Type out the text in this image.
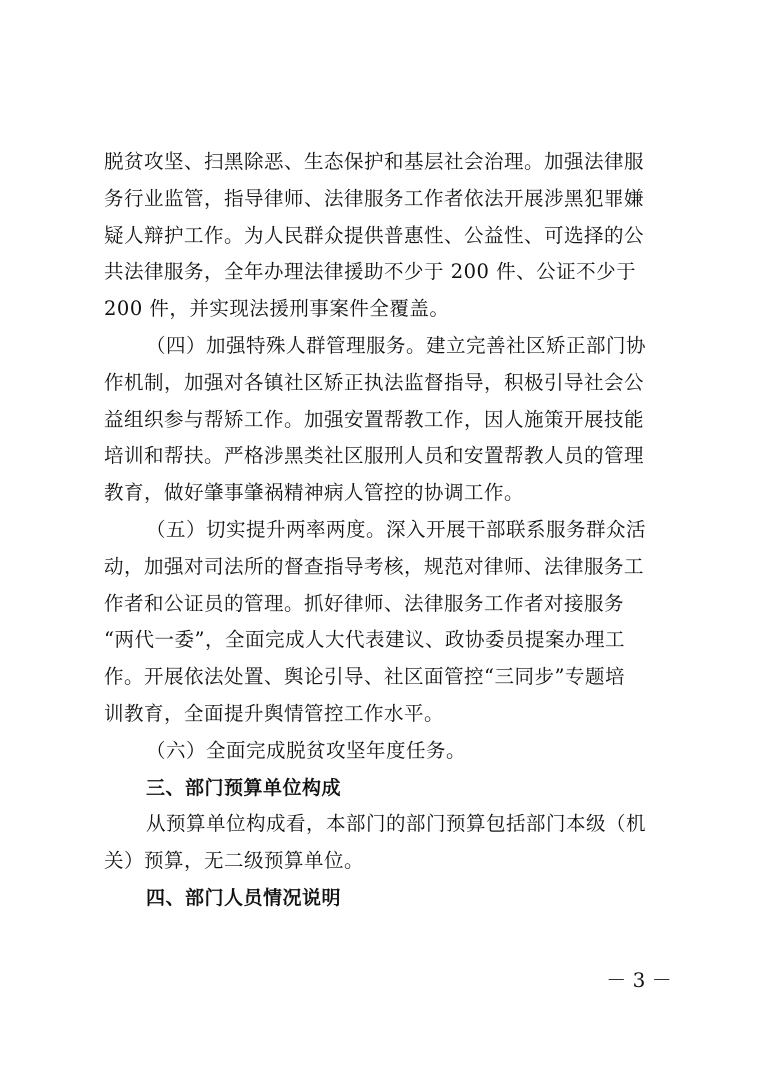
脱贫攻坚、扫黑除恶、生态保护和基层社会治理。加强法律服
务行业监管，指导律师、法律服务工作者依法开展涉黑犯罪嫌
疑人辩护工作。为人民群众提供普惠性、公益性、可选择的公
共法律服务，全年办理法律援助不少于 200 件、公证不少于
200 件，并实现法援刑事案件全覆盖。
（四）加强特殊人群管理服务。建立完善社区矫正部门协
作机制，加强对各镇社区矫正执法监督指导，积极引导社会公
益组织参与帮矫工作。加强安置帮教工作，因人施策开展技能
培训和帮扶。严格涉黑类社区服刑人员和安置帮教人员的管理
教育，做好肇事肇祸精神病人管控的协调工作。
（五）切实提升两率两度。深入开展干部联系服务群众活
动，加强对司法所的督查指导考核，规范对律师、法律服务工
作者和公证员的管理。抓好律师、法律服务工作者对接服务
“两代一委”，全面完成人大代表建议、政协委员提案办理工
作。开展依法处置、舆论引导、社区面管控“三同步”专题培
训教育，全面提升舆情管控工作水平。
（六）全面完成脱贫攻坚年度任务。
三、部门预算单位构成
从预算单位构成看，本部门的部门预算包括部门本级（机
关）预算，无二级预算单位。
四、部门人员情况说明
－ 3 －
